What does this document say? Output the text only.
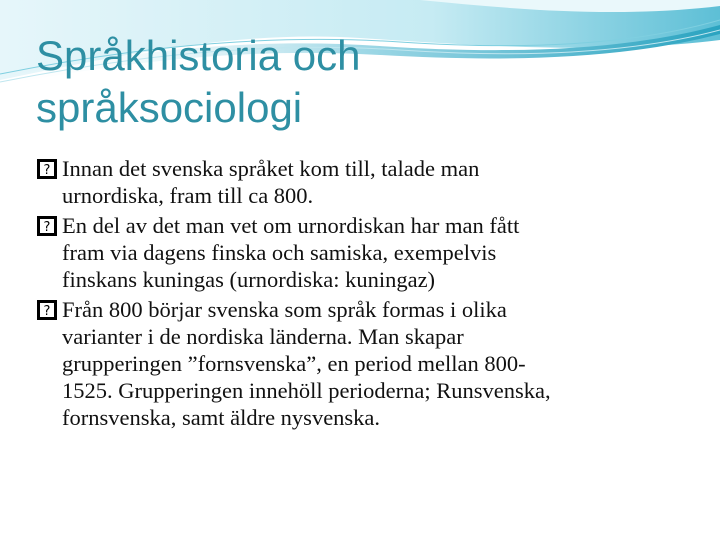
Språkhistoria och
språksociologi
? Innan det svenska språket kom till, talade man
urnordiska, fram till ca 800.
? En del av det man vet om urnordiskan har man fått
fram via dagens finska och samiska, exempelvis
finskans kuningas (urnordiska: kuningaz)
? Från 800 börjar svenska som språk formas i olika
varianter i de nordiska länderna. Man skapar
grupperingen ”fornsvenska”, en period mellan 800-
1525. Grupperingen innehöll perioderna; Runsvenska,
fornsvenska, samt äldre nysvenska.
